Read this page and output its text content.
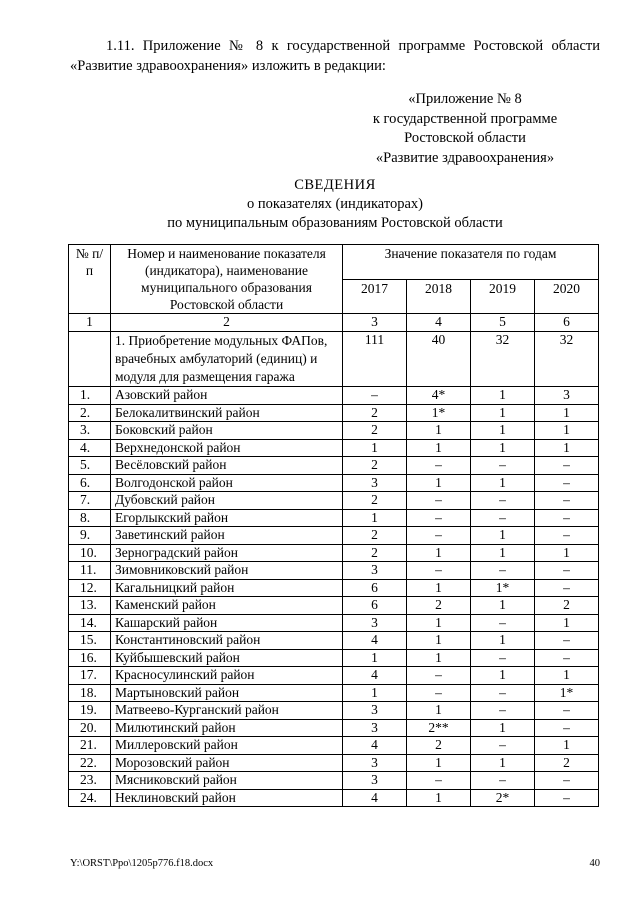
1.11. Приложение № 8 к государственной программе Ростовской области «Развитие здравоохранения» изложить в редакции:

«Приложение № 8
к государственной программе
Ростовской области
«Развитие здравоохранения»
СВЕДЕНИЯ
о показателях (индикаторах)
по муниципальным образованиям Ростовской области
№ п/п	Номер и наименование показателя (индикатора), наименование муниципального образования Ростовской области	Значение показателя по годам			
		2017	2018	2019	2020
1	2	3	4	5	6
	1. Приобретение модульных ФАПов, врачебных амбулаторий (единиц) и модуля для размещения гаража	111	40	32	32
1.	Азовский район	–	4*	1	3
2.	Белокалитвинский район	2	1*	1	1
3.	Боковский район	2	1	1	1
4.	Верхнедонской район	1	1	1	1
5.	Весёловский район	2	–	–	–
6.	Волгодонской район	3	1	1	–
7.	Дубовский район	2	–	–	–
8.	Егорлыкский район	1	–	–	–
9.	Заветинский район	2	–	1	–
10.	Зерноградский район	2	1	1	1
11.	Зимовниковский район	3	–	–	–
12.	Кагальницкий район	6	1	1*	–
13.	Каменский район	6	2	1	2
14.	Кашарский район	3	1	–	1
15.	Константиновский район	4	1	1	–
16.	Куйбышевский район	1	1	–	–
17.	Красносулинский район	4	–	1	1
18.	Мартыновский район	1	–	–	1*
19.	Матвеево-Курганский район	3	1	–	–
20.	Милютинский район	3	2**	1	–
21.	Миллеровский район	4	2	–	1
22.	Морозовский район	3	1	1	2
23.	Мясниковский район	3	–	–	–
24.	Неклиновский район	4	1	2*	–
Y:\ORST\Ppo\1205p776.f18.docx	40
